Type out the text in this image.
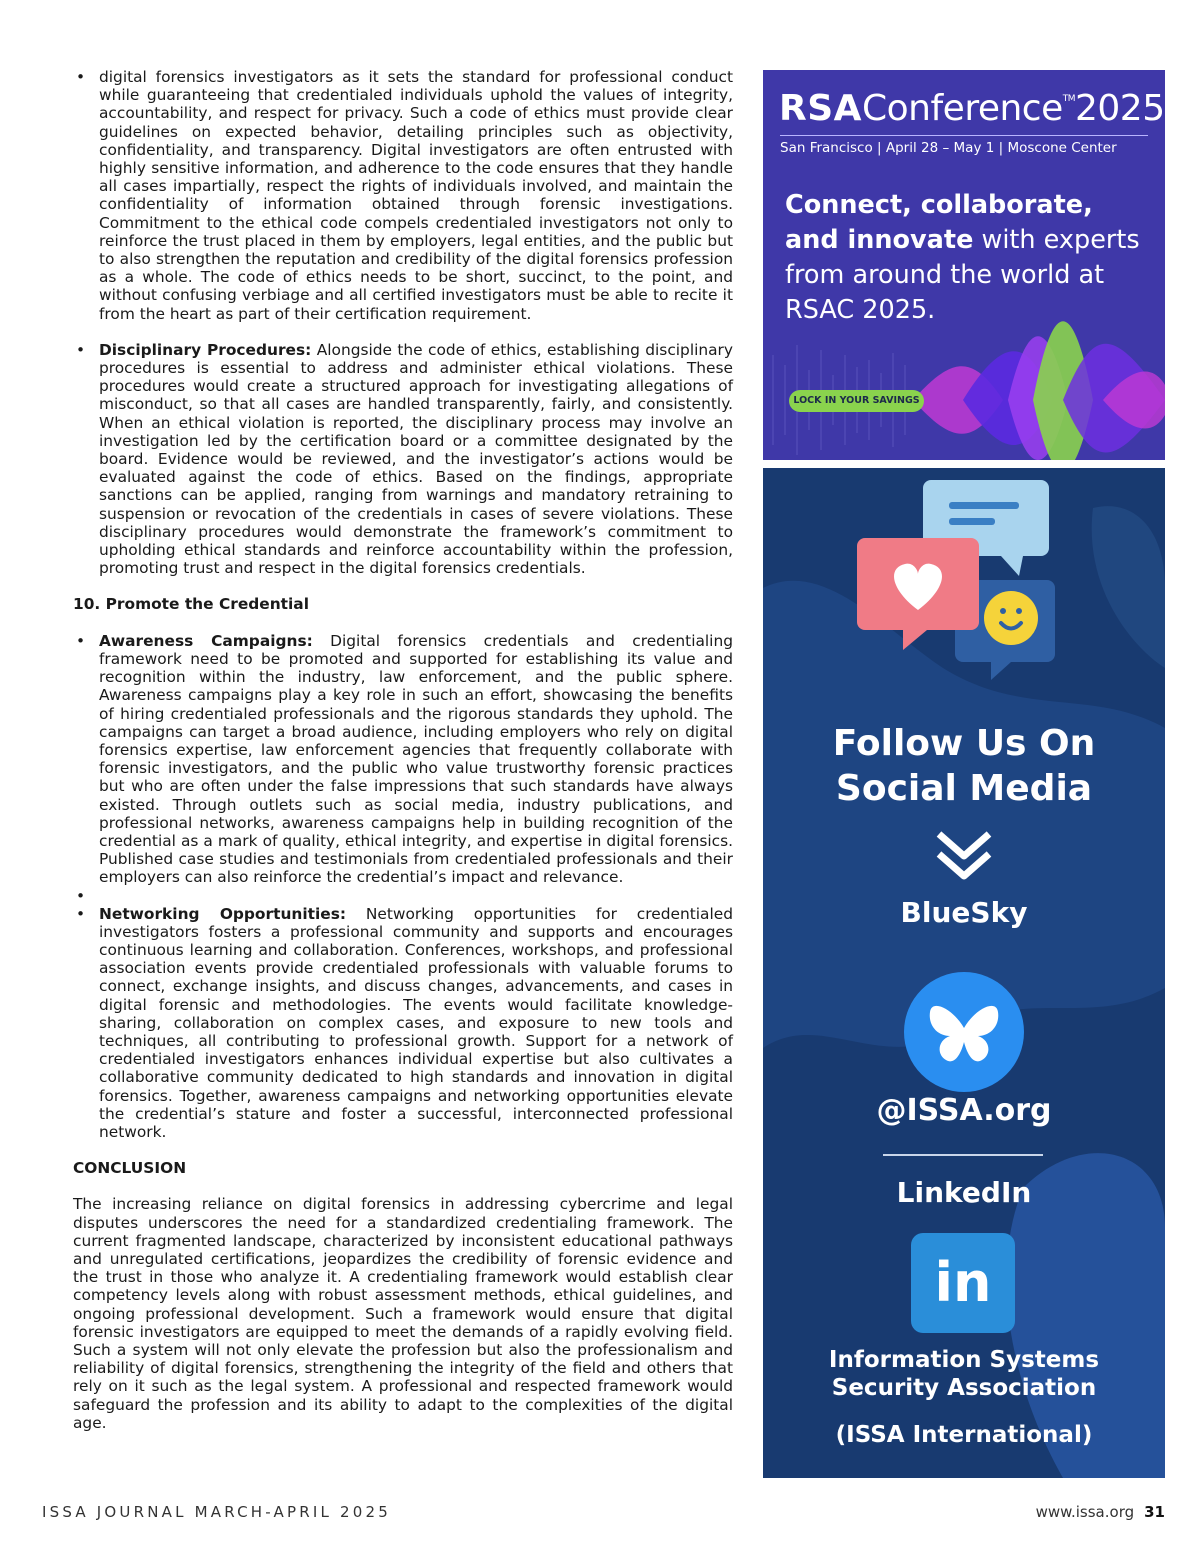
• digital forensics investigators as it sets the standard for professional conduct while guaranteeing that credentialed individuals uphold the values of integrity, accountability, and respect for privacy. Such a code of ethics must provide clear guidelines on expected behavior, detailing principles such as objectivity, confidentiality, and transparency. Digital investigators are often entrusted with highly sensitive information, and adherence to the code ensures that they handle all cases impartially, respect the rights of individuals involved, and maintain the confidentiality of information obtained through forensic investigations. Commitment to the ethical code compels credentialed investigators not only to reinforce the trust placed in them by employers, legal entities, and the public but to also strengthen the reputation and credibility of the digital forensics profession as a whole. The code of ethics needs to be short, succinct, to the point, and without confusing verbiage and all certified investigators must be able to recite it from the heart as part of their certification requirement.
• Disciplinary Procedures: Alongside the code of ethics, establishing disciplinary procedures is essential to address and administer ethical violations. These procedures would create a structured approach for investigating allegations of misconduct, so that all cases are handled transparently, fairly, and consistently. When an ethical violation is reported, the disciplinary process may involve an investigation led by the certification board or a committee designated by the board. Evidence would be reviewed, and the investigator’s actions would be evaluated against the code of ethics. Based on the findings, appropriate sanctions can be applied, ranging from warnings and mandatory retraining to suspension or revocation of the credentials in cases of severe violations. These disciplinary procedures would demonstrate the framework’s commitment to upholding ethical standards and reinforce accountability within the profession, promoting trust and respect in the digital forensics credentials.

10. Promote the Credential

• Awareness Campaigns: Digital forensics credentials and credentialing framework need to be promoted and supported for establishing its value and recognition within the industry, law enforcement, and the public sphere. Awareness campaigns play a key role in such an effort, showcasing the benefits of hiring credentialed professionals and the rigorous standards they uphold. The campaigns can target a broad audience, including employers who rely on digital forensics expertise, law enforcement agencies that frequently collaborate with forensic investigators, and the public who value trustworthy forensic practices but who are often under the false impressions that such standards have always existed. Through outlets such as social media, industry publications, and professional networks, awareness campaigns help in building recognition of the credential as a mark of quality, ethical integrity, and expertise in digital forensics. Published case studies and testimonials from credentialed professionals and their employers can also reinforce the credential’s impact and relevance.
•
• Networking Opportunities: Networking opportunities for credentialed investigators fosters a professional community and supports and encourages continuous learning and collaboration. Conferences, workshops, and professional association events provide credentialed professionals with valuable forums to connect, exchange insights, and discuss changes, advancements, and cases in digital forensic and methodologies. The events would facilitate knowledge-sharing, collaboration on complex cases, and exposure to new tools and techniques, all contributing to professional growth. Support for a network of credentialed investigators enhances individual expertise but also cultivates a collaborative community dedicated to high standards and innovation in digital forensics. Together, awareness campaigns and networking opportunities elevate the credential’s stature and foster a successful, interconnected professional network.

CONCLUSION

The increasing reliance on digital forensics in addressing cybercrime and legal disputes underscores the need for a standardized credentialing framework. The current fragmented landscape, characterized by inconsistent educational pathways and unregulated certifications, jeopardizes the credibility of forensic evidence and the trust in those who analyze it. A credentialing framework would establish clear competency levels along with robust assessment methods, ethical guidelines, and ongoing professional development. Such a framework would ensure that digital forensic investigators are equipped to meet the demands of a rapidly evolving field. Such a system will not only elevate the profession but also the professionalism and reliability of digital forensics, strengthening the integrity of the field and others that rely on it such as the legal system. A professional and respected framework would safeguard the profession and its ability to adapt to the complexities of the digital age.

RSAConference™2025
San Francisco | April 28 – May 1 | Moscone Center
Connect, collaborate, and innovate with experts from around the world at RSAC 2025.
LOCK IN YOUR SAVINGS
Follow Us On
Social Media
BlueSky
@ISSA.org
LinkedIn
in
Information Systems
Security Association
(ISSA International)
ISSA JOURNAL MARCH-APRIL 2025	www.issa.org 31
